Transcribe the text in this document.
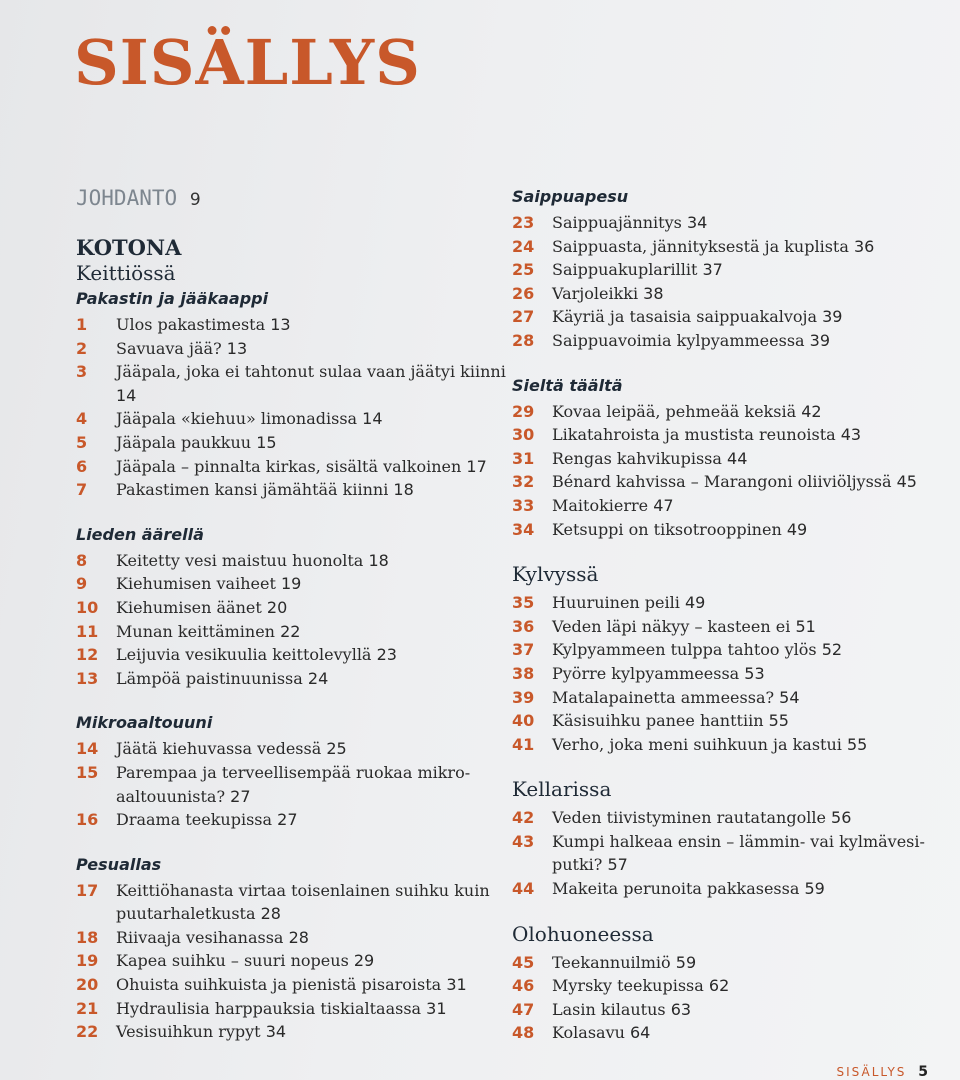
SISÄLLYS
JOHDANTO 9
KOTONA
Keittiössä
Pakastin ja jääkaappi
1	Ulos pakastimesta 13
2	Savuava jää? 13
3	Jääpala, joka ei tahtonut sulaa vaan jäätyi kiinni 14
4	Jääpala «kiehuu» limonadissa 14
5	Jääpala paukkuu 15
6	Jääpala – pinnalta kirkas, sisältä valkoinen 17
7	Pakastimen kansi jämähtää kiinni 18
Lieden äärellä
8	Keitetty vesi maistuu huonolta 18
9	Kiehumisen vaiheet 19
10	Kiehumisen äänet 20
11	Munan keittäminen 22
12	Leijuvia vesikuulia keittolevyllä 23
13	Lämpöä paistinuunissa 24
Mikroaaltouuni
14	Jäätä kiehuvassa vedessä 25
15	Parempaa ja terveellisempää ruokaa mikro-aaltouunista? 27
16	Draama teekupissa 27
Pesuallas
17	Keittiöhanasta virtaa toisenlainen suihku kuin puutarhaletkusta 28
18	Riivaaja vesihanassa 28
19	Kapea suihku – suuri nopeus 29
20	Ohuista suihkuista ja pienistä pisaroista 31
21	Hydraulisia harppauksia tiskialtaassa 31
22	Vesisuihkun rypyt 34
Saippuapesu
23	Saippuajännitys 34
24	Saippuasta, jännityksestä ja kuplista 36
25	Saippuakuplarillit 37
26	Varjoleikki 38
27	Käyriä ja tasaisia saippuakalvoja 39
28	Saippuavoimia kylpyammeessa 39
Sieltä täältä
29	Kovaa leipää, pehmeää keksiä 42
30	Likatahroista ja mustista reunoista 43
31	Rengas kahvikupissa 44
32	Bénard kahvissa – Marangoni oliiviöljyssä 45
33	Maitokierre 47
34	Ketsuppi on tiksotrooppinen 49
Kylvyssä
35	Huuruinen peili 49
36	Veden läpi näkyy – kasteen ei 51
37	Kylpyammeen tulppa tahtoo ylös 52
38	Pyörre kylpyammeessa 53
39	Matalapainetta ammeessa? 54
40	Käsisuihku panee hanttiin 55
41	Verho, joka meni suihkuun ja kastui 55
Kellarissa
42	Veden tiivistyminen rautatangolle 56
43	Kumpi halkeaa ensin – lämmin- vai kylmävesi-putki? 57
44	Makeita perunoita pakkasessa 59
Olohuoneessa
45	Teekannuilmiö 59
46	Myrsky teekupissa 62
47	Lasin kilautus 63
48	Kolasavu 64
SISÄLLYS 5
